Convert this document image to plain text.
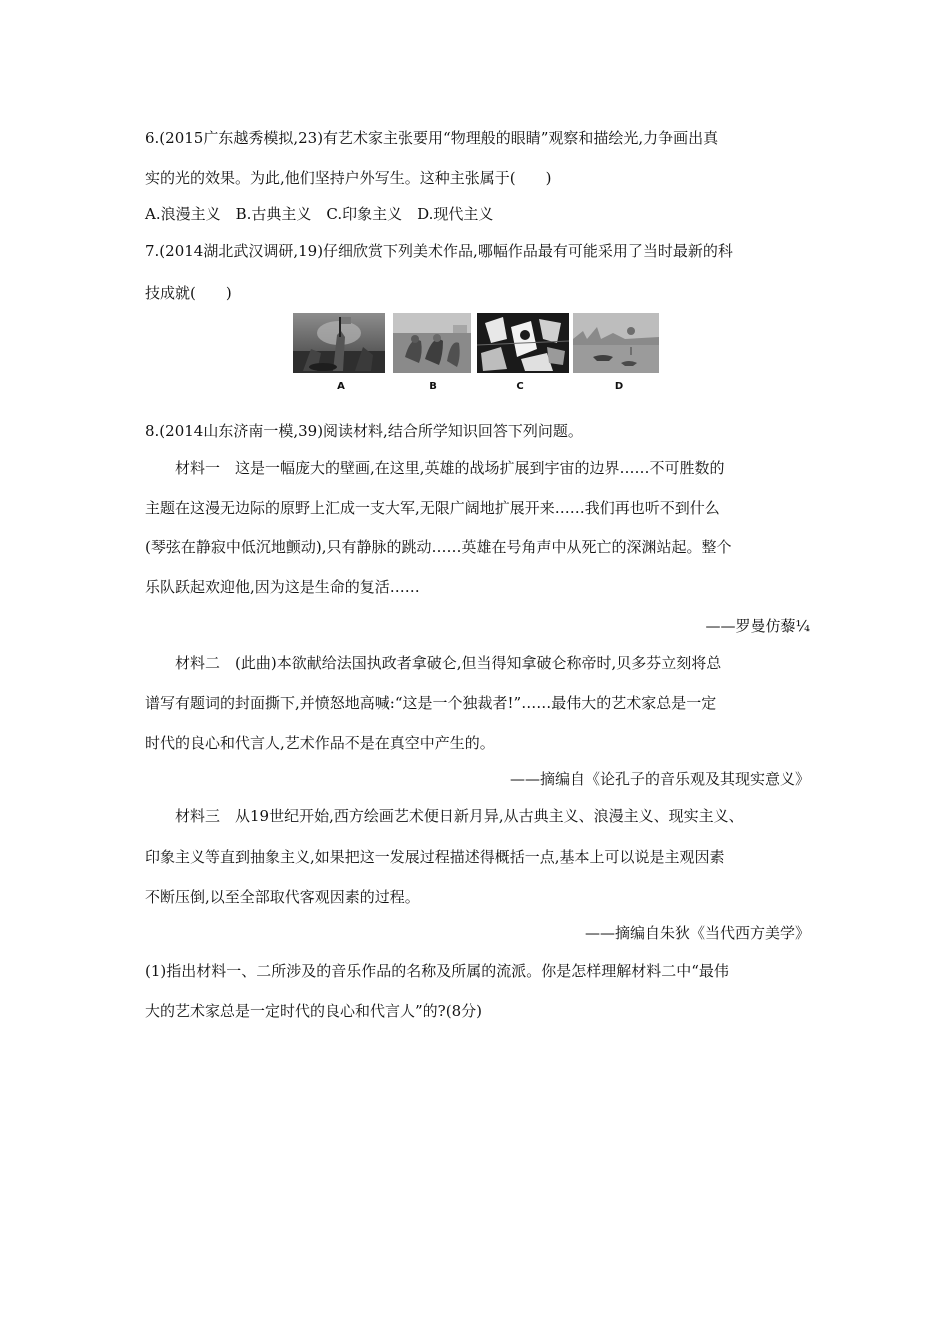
6.(2015广东越秀模拟,23)有艺术家主张要用“物理般的眼睛”观察和描绘光,力争画出真
实的光的效果。为此,他们坚持户外写生。这种主张属于(　　)
A.浪漫主义　B.古典主义　C.印象主义　D.现代主义
7.(2014湖北武汉调研,19)仔细欣赏下列美术作品,哪幅作品最有可能采用了当时最新的科
技成就(　　)
A	B	C	D
8.(2014山东济南一模,39)阅读材料,结合所学知识回答下列问题。
材料一　这是一幅庞大的壁画,在这里,英雄的战场扩展到宇宙的边界……不可胜数的
主题在这漫无边际的原野上汇成一支大军,无限广阔地扩展开来……我们再也听不到什么
(琴弦在静寂中低沉地颤动),只有静脉的跳动……英雄在号角声中从死亡的深渊站起。整个
乐队跃起欢迎他,因为这是生命的复活……
——罗曼仿藜¼
材料二　(此曲)本欲献给法国执政者拿破仑,但当得知拿破仑称帝时,贝多芬立刻将总
谱写有题词的封面撕下,并愤怒地高喊:“这是一个独裁者!”……最伟大的艺术家总是一定
时代的良心和代言人,艺术作品不是在真空中产生的。
——摘编自《论孔子的音乐观及其现实意义》
材料三　从19世纪开始,西方绘画艺术便日新月异,从古典主义、浪漫主义、现实主义、
印象主义等直到抽象主义,如果把这一发展过程描述得概括一点,基本上可以说是主观因素
不断压倒,以至全部取代客观因素的过程。
——摘编自朱狄《当代西方美学》
(1)指出材料一、二所涉及的音乐作品的名称及所属的流派。你是怎样理解材料二中“最伟
大的艺术家总是一定时代的良心和代言人”的?(8分)
